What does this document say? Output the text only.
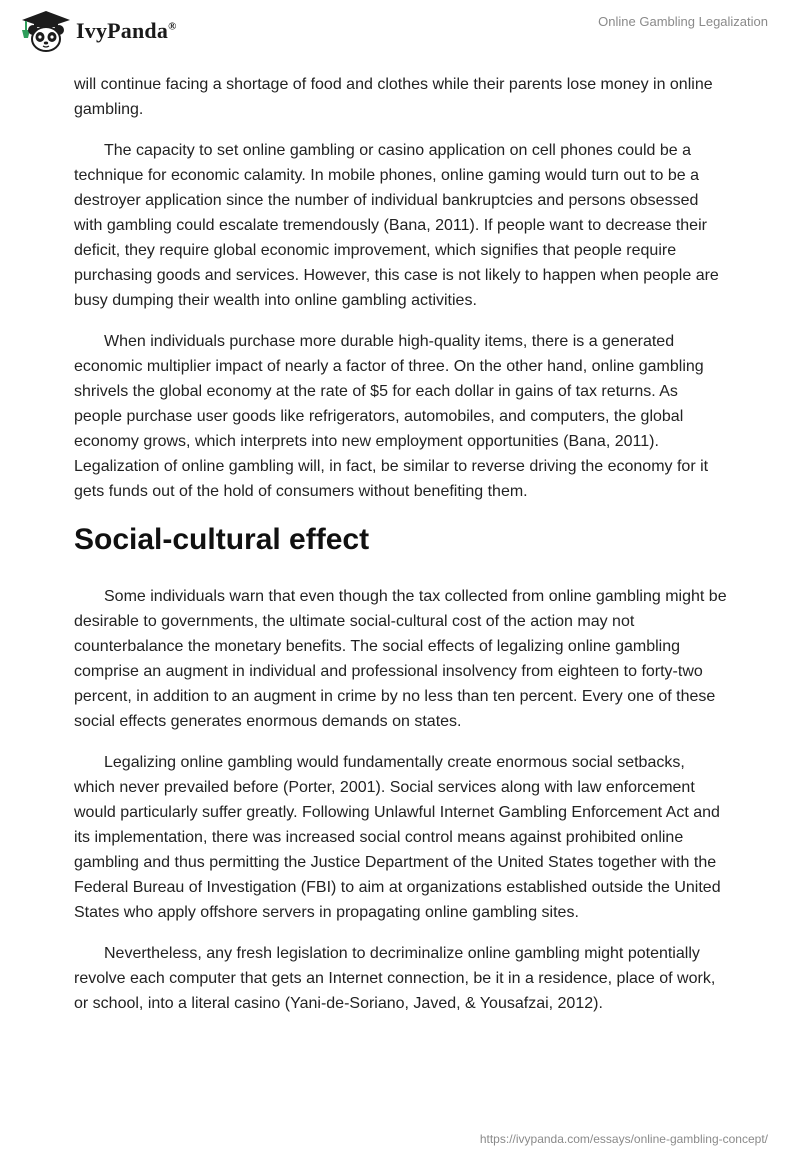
IvyPanda®	Online Gambling Legalization

will continue facing a shortage of food and clothes while their parents lose money in online gambling.

The capacity to set online gambling or casino application on cell phones could be a technique for economic calamity. In mobile phones, online gaming would turn out to be a destroyer application since the number of individual bankruptcies and persons obsessed with gambling could escalate tremendously (Bana, 2011). If people want to decrease their deficit, they require global economic improvement, which signifies that people require purchasing goods and services. However, this case is not likely to happen when people are busy dumping their wealth into online gambling activities.

When individuals purchase more durable high-quality items, there is a generated economic multiplier impact of nearly a factor of three. On the other hand, online gambling shrivels the global economy at the rate of $5 for each dollar in gains of tax returns. As people purchase user goods like refrigerators, automobiles, and computers, the global economy grows, which interprets into new employment opportunities (Bana, 2011). Legalization of online gambling will, in fact, be similar to reverse driving the economy for it gets funds out of the hold of consumers without benefiting them.

Social-cultural effect

Some individuals warn that even though the tax collected from online gambling might be desirable to governments, the ultimate social-cultural cost of the action may not counterbalance the monetary benefits. The social effects of legalizing online gambling comprise an augment in individual and professional insolvency from eighteen to forty-two percent, in addition to an augment in crime by no less than ten percent. Every one of these social effects generates enormous demands on states.

Legalizing online gambling would fundamentally create enormous social setbacks, which never prevailed before (Porter, 2001). Social services along with law enforcement would particularly suffer greatly. Following Unlawful Internet Gambling Enforcement Act and its implementation, there was increased social control means against prohibited online gambling and thus permitting the Justice Department of the United States together with the Federal Bureau of Investigation (FBI) to aim at organizations established outside the United States who apply offshore servers in propagating online gambling sites.

Nevertheless, any fresh legislation to decriminalize online gambling might potentially revolve each computer that gets an Internet connection, be it in a residence, place of work, or school, into a literal casino (Yani-de-Soriano, Javed, & Yousafzai, 2012).

https://ivypanda.com/essays/online-gambling-concept/
